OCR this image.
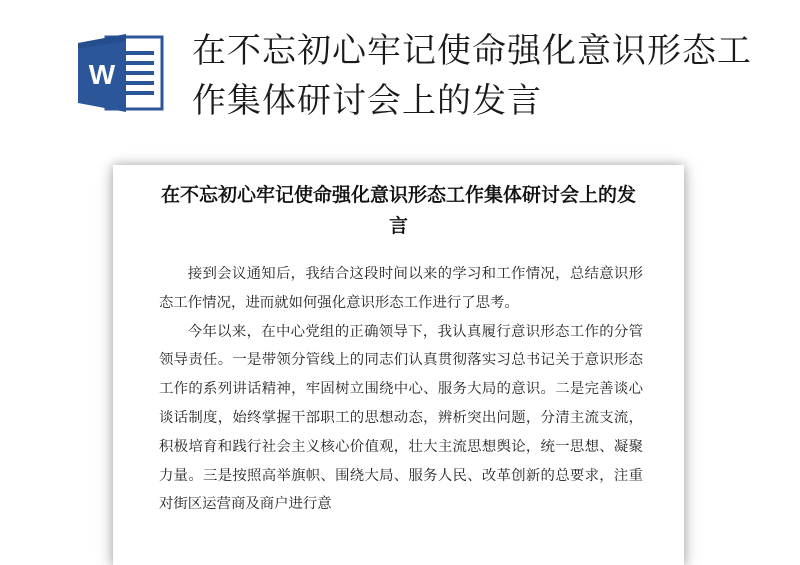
W
在不忘初心牢记使命强化意识形态工作集体研讨会上的发言
在不忘初心牢记使命强化意识形态工作集体研讨会上的发言

接到会议通知后，我结合这段时间以来的学习和工作情况，总结意识形态工作情况，进而就如何强化意识形态工作进行了思考。

今年以来，在中心党组的正确领导下，我认真履行意识形态工作的分管领导责任。一是带领分管线上的同志们认真贯彻落实习总书记关于意识形态工作的系列讲话精神，牢固树立围绕中心、服务大局的意识。二是完善谈心谈话制度，始终掌握干部职工的思想动态，辨析突出问题，分清主流支流，积极培育和践行社会主义核心价值观，壮大主流思想舆论，统一思想、凝聚力量。三是按照高举旗帜、围绕大局、服务人民、改革创新的总要求，注重对街区运营商及商户进行意
